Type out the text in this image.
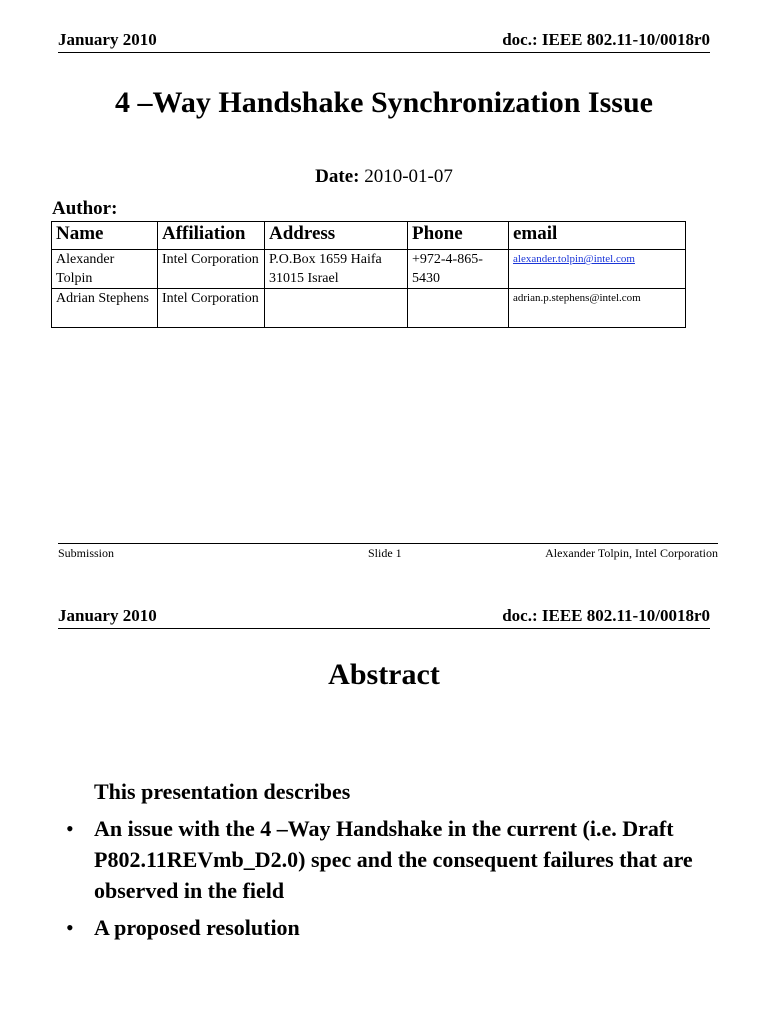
January 2010	doc.: IEEE 802.11-10/0018r0
4 –Way Handshake Synchronization Issue
Date: 2010-01-07
Author:
Name	Affiliation	Address	Phone	email
Alexander Tolpin	Intel Corporation	P.O.Box 1659 Haifa 31015 Israel	+972-4-865-5430	alexander.tolpin@intel.com
Adrian Stephens	Intel Corporation			adrian.p.stephens@intel.com
Submission	Slide 1	Alexander Tolpin, Intel Corporation
January 2010	doc.: IEEE 802.11-10/0018r0
Abstract
This presentation describes
• An issue with the 4 –Way Handshake in the current (i.e. Draft P802.11REVmb_D2.0) spec and the consequent failures that are observed in the field
• A proposed resolution
